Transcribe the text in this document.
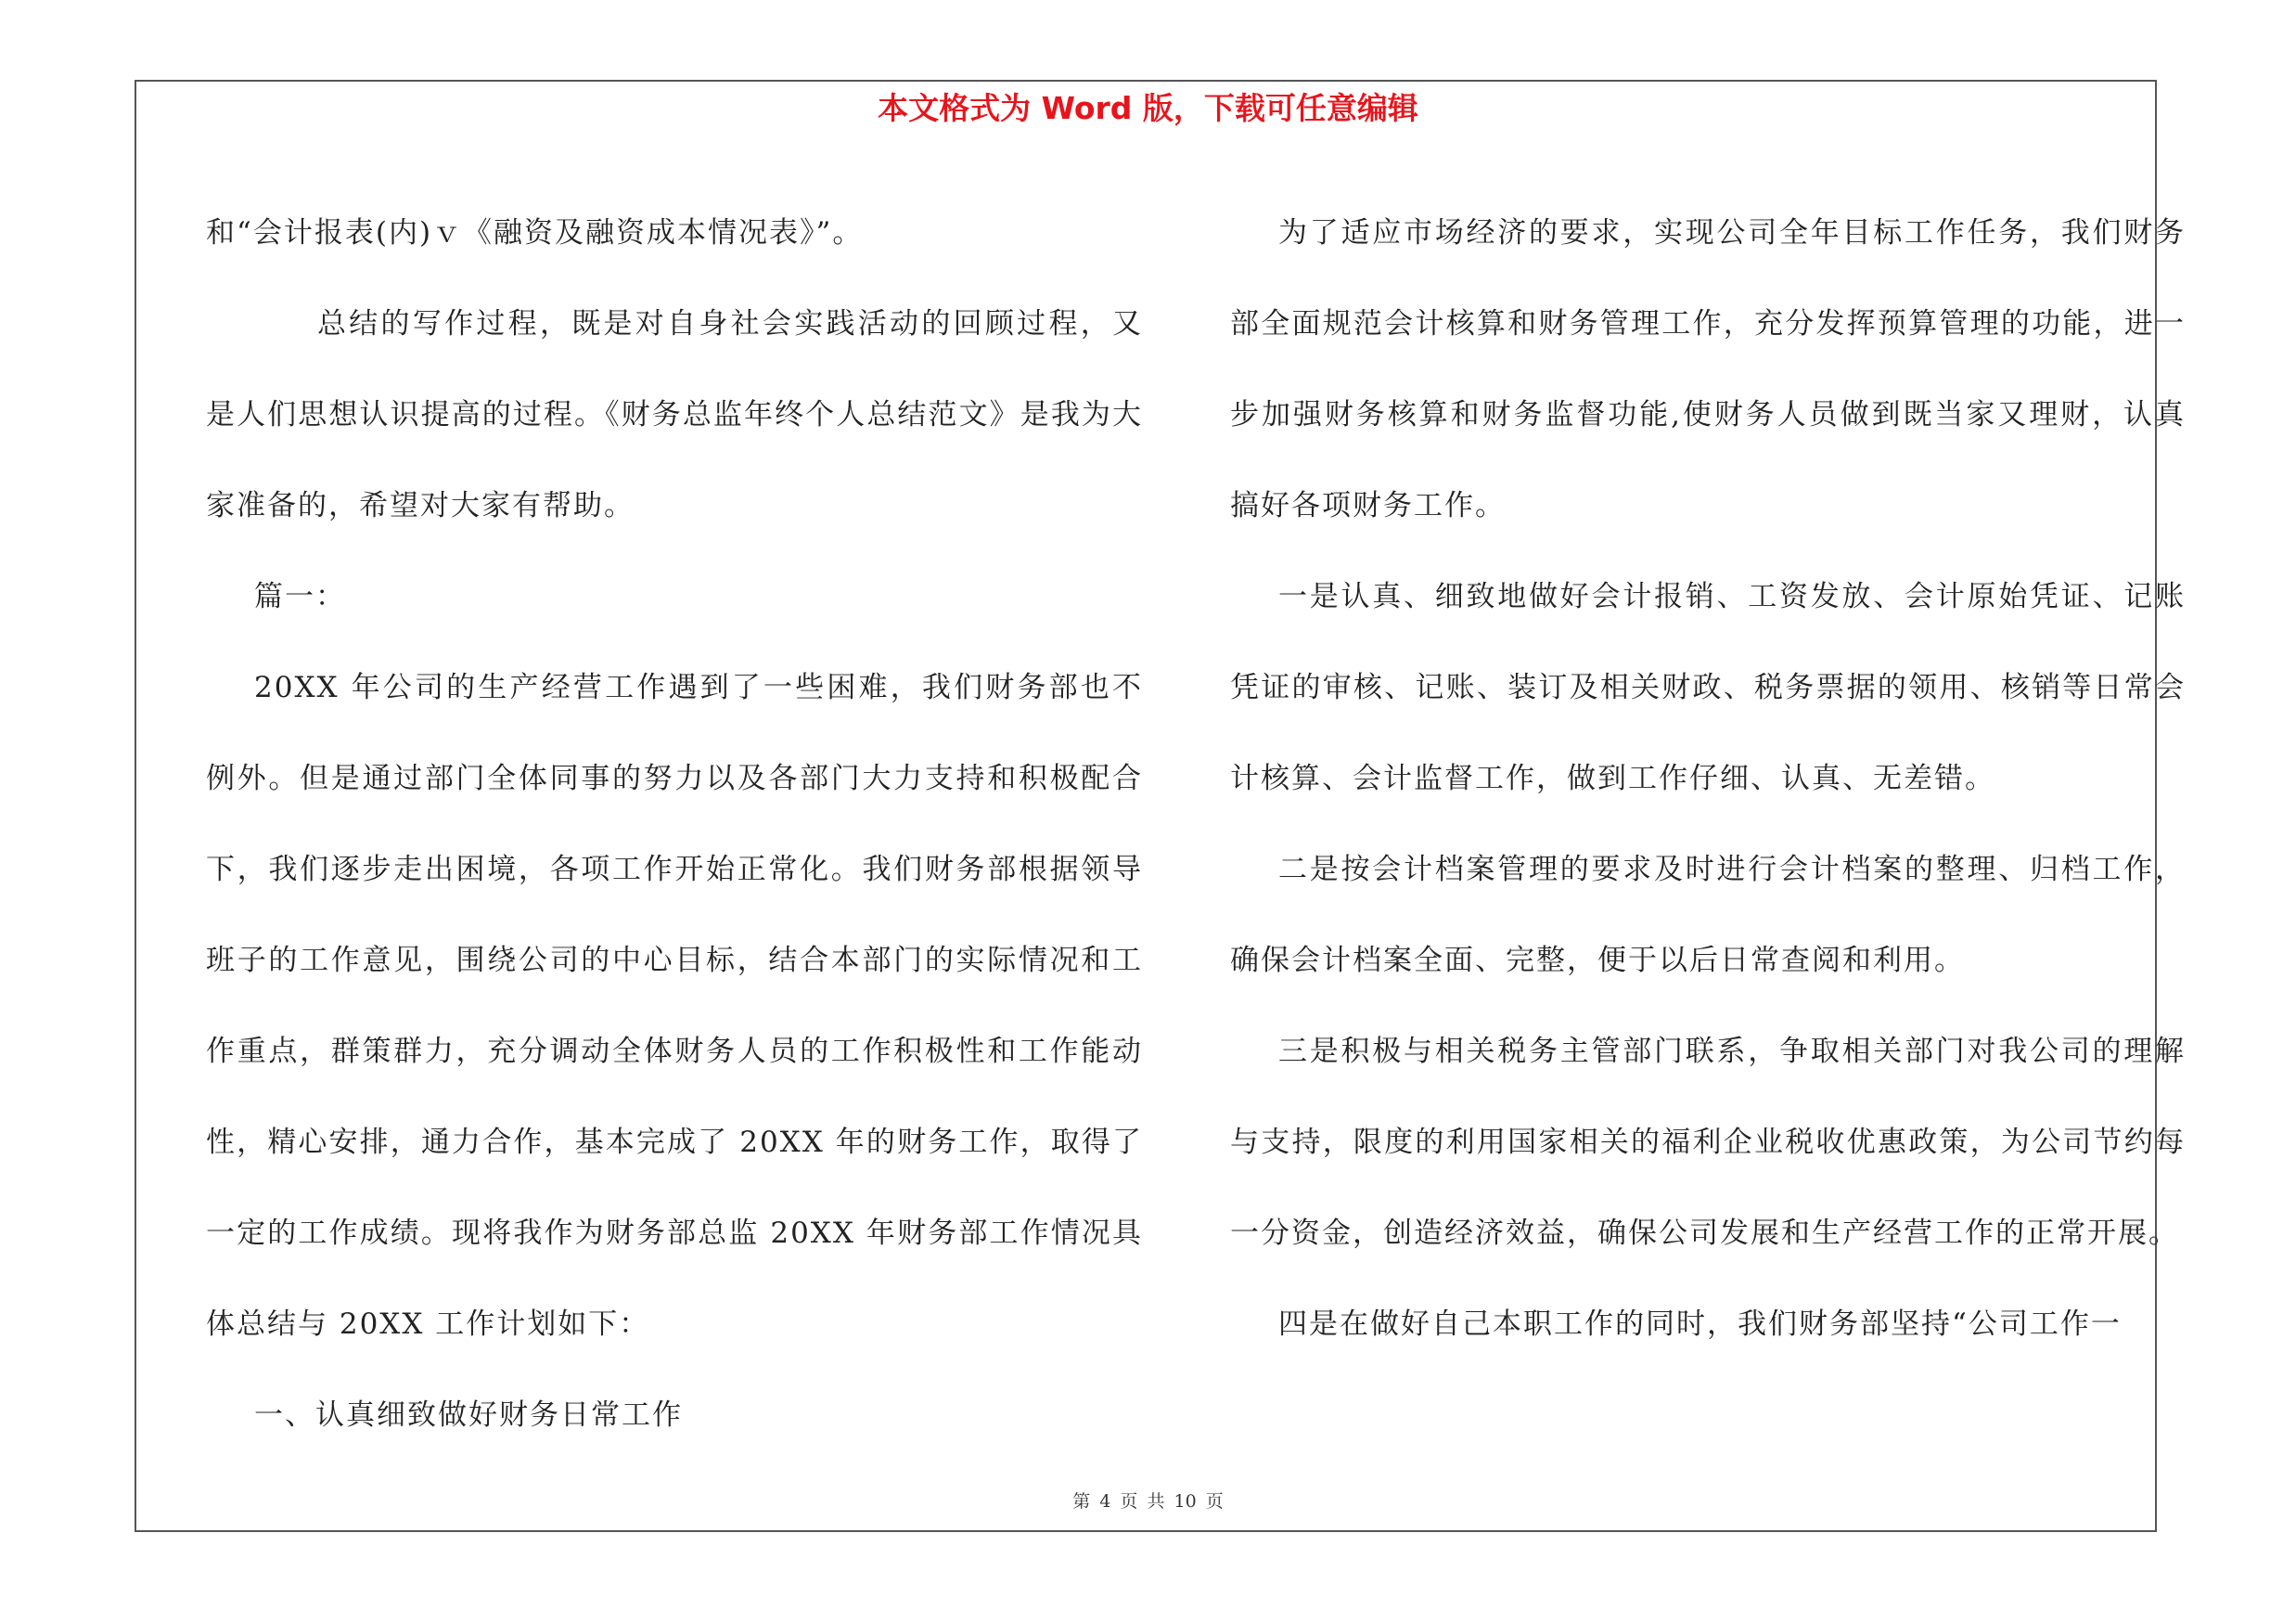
本文格式为 Word 版，下载可任意编辑

和“会计报表(内)ｖ《融资及融资成本情况表》”。

总结的写作过程，既是对自身社会实践活动的回顾过程，又是人们思想认识提高的过程。《财务总监年终个人总结范文》是我为大家准备的，希望对大家有帮助。

篇一：

20XX 年公司的生产经营工作遇到了一些困难，我们财务部也不例外。但是通过部门全体同事的努力以及各部门大力支持和积极配合下，我们逐步走出困境，各项工作开始正常化。我们财务部根据领导班子的工作意见，围绕公司的中心目标，结合本部门的实际情况和工作重点，群策群力，充分调动全体财务人员的工作积极性和工作能动性，精心安排，通力合作，基本完成了 20XX 年的财务工作，取得了一定的工作成绩。现将我作为财务部总监 20XX 年财务部工作情况具体总结与 20XX 工作计划如下：

一、认真细致做好财务日常工作

为了适应市场经济的要求，实现公司全年目标工作任务，我们财务部全面规范会计核算和财务管理工作，充分发挥预算管理的功能，进一步加强财务核算和财务监督功能,使财务人员做到既当家又理财，认真搞好各项财务工作。

一是认真、细致地做好会计报销、工资发放、会计原始凭证、记账凭证的审核、记账、装订及相关财政、税务票据的领用、核销等日常会计核算、会计监督工作，做到工作仔细、认真、无差错。

二是按会计档案管理的要求及时进行会计档案的整理、归档工作，确保会计档案全面、完整，便于以后日常查阅和利用。

三是积极与相关税务主管部门联系，争取相关部门对我公司的理解与支持，限度的利用国家相关的福利企业税收优惠政策，为公司节约每一分资金，创造经济效益，确保公司发展和生产经营工作的正常开展。

四是在做好自己本职工作的同时，我们财务部坚持“公司工作一

第 4 页 共 10 页
